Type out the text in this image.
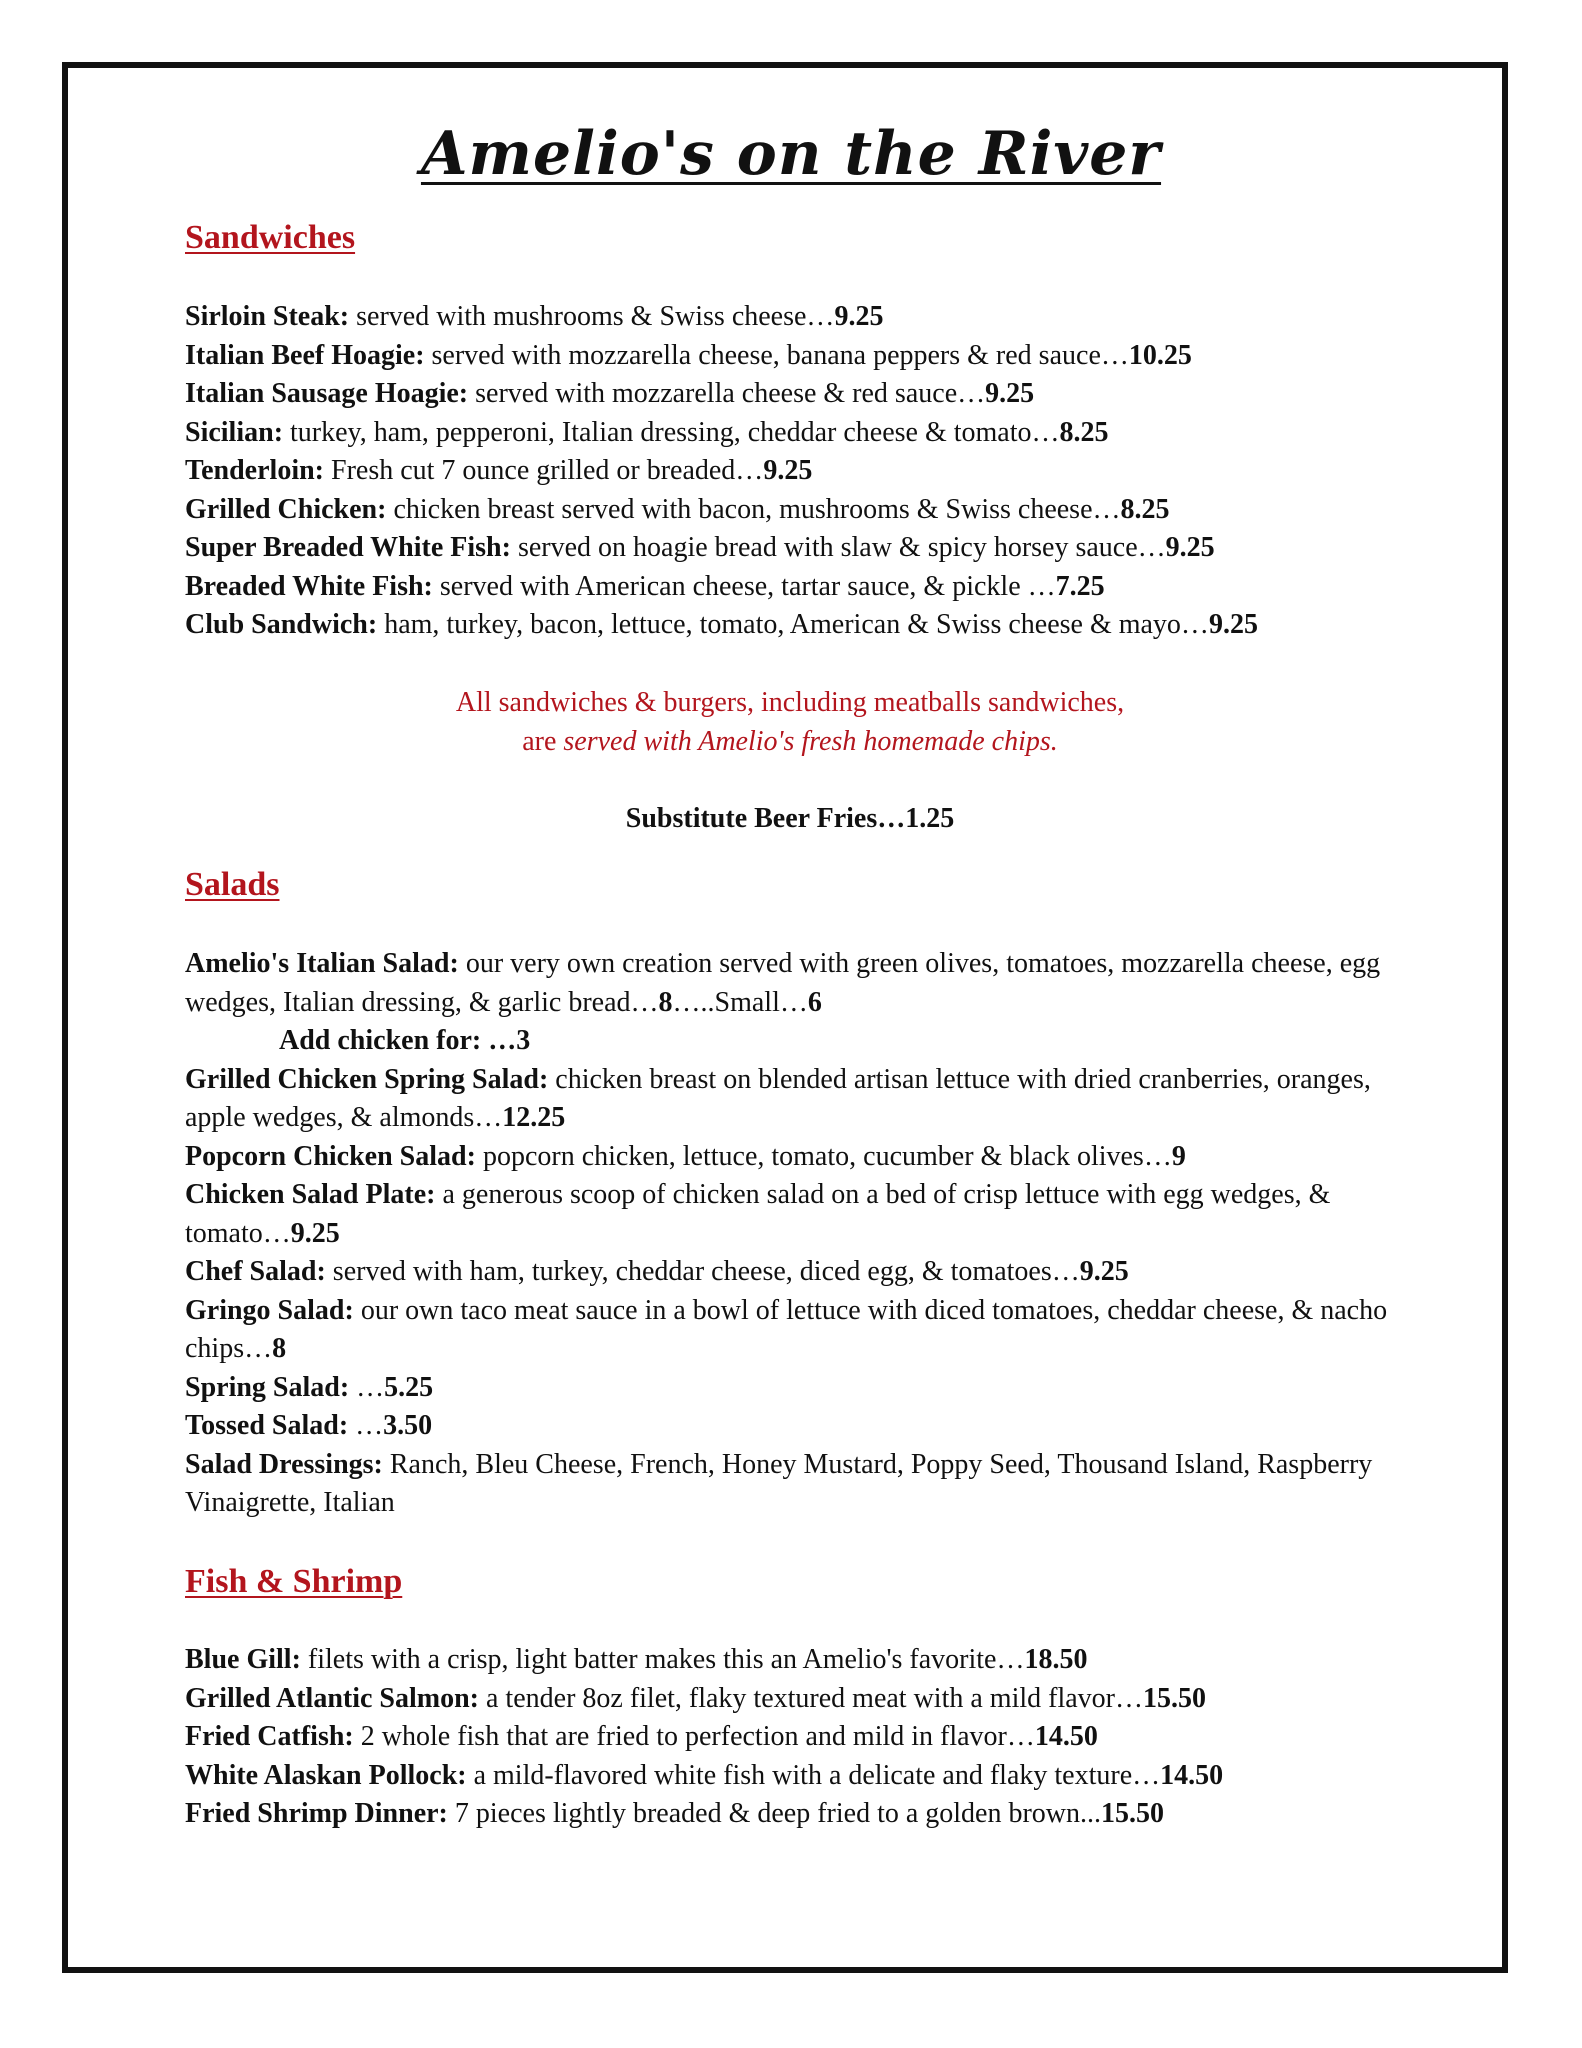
Amelio's on the River
Sandwiches

Sirloin Steak: served with mushrooms & Swiss cheese…9.25

Italian Beef Hoagie: served with mozzarella cheese, banana peppers & red sauce…10.25

Italian Sausage Hoagie: served with mozzarella cheese & red sauce…9.25

Sicilian: turkey, ham, pepperoni, Italian dressing, cheddar cheese & tomato…8.25

Tenderloin: Fresh cut 7 ounce grilled or breaded…9.25

Grilled Chicken: chicken breast served with bacon, mushrooms & Swiss cheese…8.25

Super Breaded White Fish: served on hoagie bread with slaw & spicy horsey sauce…9.25

Breaded White Fish: served with American cheese, tartar sauce, & pickle …7.25

Club Sandwich: ham, turkey, bacon, lettuce, tomato, American & Swiss cheese & mayo…9.25

All sandwiches & burgers, including meatballs sandwiches,
are served with Amelio's fresh homemade chips.
Substitute Beer Fries…1.25
Salads

Amelio's Italian Salad: our very own creation served with green olives, tomatoes, mozzarella cheese, egg wedges, Italian dressing, & garlic bread…8…..Small…6

Add chicken for: …3

Grilled Chicken Spring Salad: chicken breast on blended artisan lettuce with dried cranberries, oranges, apple wedges, & almonds…12.25

Popcorn Chicken Salad: popcorn chicken, lettuce, tomato, cucumber & black olives…9

Chicken Salad Plate: a generous scoop of chicken salad on a bed of crisp lettuce with egg wedges, & tomato…9.25

Chef Salad: served with ham, turkey, cheddar cheese, diced egg, & tomatoes…9.25

Gringo Salad: our own taco meat sauce in a bowl of lettuce with diced tomatoes, cheddar cheese, & nacho chips…8

Spring Salad: …5.25

Tossed Salad: …3.50

Salad Dressings: Ranch, Bleu Cheese, French, Honey Mustard, Poppy Seed, Thousand Island, Raspberry Vinaigrette, Italian

Fish & Shrimp

Blue Gill: filets with a crisp, light batter makes this an Amelio's favorite…18.50

Grilled Atlantic Salmon: a tender 8oz filet, flaky textured meat with a mild flavor…15.50

Fried Catfish: 2 whole fish that are fried to perfection and mild in flavor…14.50

White Alaskan Pollock: a mild-flavored white fish with a delicate and flaky texture…14.50

Fried Shrimp Dinner: 7 pieces lightly breaded & deep fried to a golden brown...15.50
